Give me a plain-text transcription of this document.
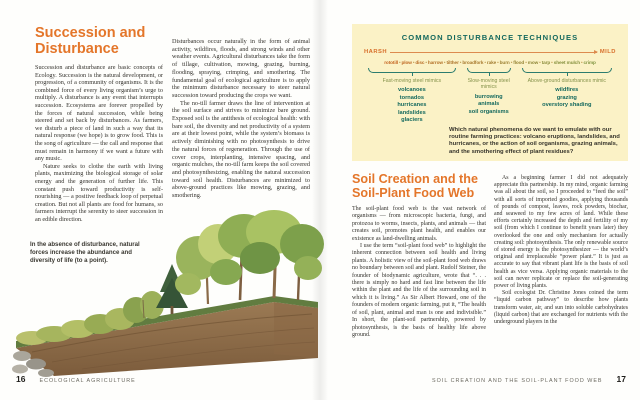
Succession and Disturbance

Succession and disturbance are basic concepts of Ecology. Succession is the natural development, or progression, of a community of organisms. It is the combined force of every living organism’s urge to multiply. A disturbance is any event that interrupts succession. Ecosystems are forever propelled by the forces of natural succession, while being steered and set back by disturbances. As farmers, we disturb a piece of land in such a way that its natural response (we hope) is to grow food. This is the song of agriculture — the call and response that must remain in harmony if we want a future with any music.

Nature seeks to clothe the earth with living plants, maximizing the biological storage of solar energy and the generation of further life. This constant push toward productivity is self-nourishing — a positive feedback loop of perpetual creation. But not all plants are food for humans, so farmers interrupt the serenity to steer succession in an edible direction.

Disturbances occur naturally in the form of animal activity, wildfires, floods, and strong winds and other weather events. Agricultural disturbances take the form of tillage, cultivation, mowing, grazing, burning, flooding, spraying, crimping, and smothering. The fundamental goal of ecological agriculture is to apply the minimum disturbance necessary to steer natural succession toward producing the crops we want.

The no-till farmer draws the line of intervention at the soil surface and strives to minimize bare ground. Exposed soil is the antithesis of ecological health: with bare soil, the diversity and net productivity of a system are at their lowest point, while the system’s biomass is actively diminishing with no photosynthesis to drive the natural forces of regeneration. Through the use of cover crops, interplanting, intensive spacing, and organic mulches, the no-till farm keeps the soil covered and photosynthesizing, enabling the natural succession toward soil health. Disturbances are minimized to above-ground practices like mowing, grazing, and smothering.

In the absence of disturbance, natural forces increase the abundance and diversity of life (to a point).
COMMON DISTURBANCE TECHNIQUES
HARSH	MILD
rototill•plow•disc•harrow•tilther•broadfork•rake•burn•flood•mow•tarp•sheet mulch•crimp
Fast-moving steel mimics
volcanoes
tornados
hurricanes
landslides
glaciers
Slow-moving steel mimics
burrowing animals
soil organisms
Above-ground disturbances mimic
wildfires
grazing
overstory shading
Which natural phenomena do we want to emulate with our routine farming practices: volcano eruptions, landslides, and hurricanes, or the action of soil organisms, grazing animals, and the smothering effect of plant residues?
Soil Creation and the Soil-Plant Food Web

The soil-plant food web is the vast network of organisms — from microscopic bacteria, fungi, and protozoa to worms, insects, plants, and animals — that creates soil, promotes plant health, and enables our existence as land-dwelling animals.

I use the term “soil-plant food web” to highlight the inherent connection between soil health and living plants. A holistic view of the soil-plant food web draws no boundary between soil and plant. Rudolf Steiner, the founder of biodynamic agriculture, wrote that “. . . there is simply no hard and fast line between the life within the plant and the life of the surrounding soil in which it is living.” As Sir Albert Howard, one of the founders of modern organic farming, put it, “The health of soil, plant, animal and man is one and indivisible.” In short, the plant-soil partnership, powered by photosynthesis, is the basis of healthy life above ground.

As a beginning farmer I did not adequately appreciate this partnership. In my mind, organic farming was all about the soil, so I proceeded to “feed the soil” with all sorts of imported goodies, applying thousands of pounds of compost, leaves, rock powders, biochar, and seaweed to my few acres of land. While these efforts certainly increased the depth and fertility of my soil (from which I continue to benefit years later) they overlooked the one and only mechanism for actually creating soil: photosynthesis. The only renewable source of stored energy is the photosynthesizer — the world’s original and irreplaceable “power plant.” It is just as accurate to say that vibrant plant life is the basis of soil health as vice versa. Applying organic materials to the soil can never replicate or replace the soil-generating power of living plants.

Soil ecologist Dr. Christine Jones coined the term “liquid carbon pathway” to describe how plants transform water, air, and sun into soluble carbohydrates (liquid carbon) that are exchanged for nutrients with the underground players in the

16	ECOLOGICAL AGRICULTURE	SOIL CREATION AND THE SOIL-PLANT FOOD WEB 17
